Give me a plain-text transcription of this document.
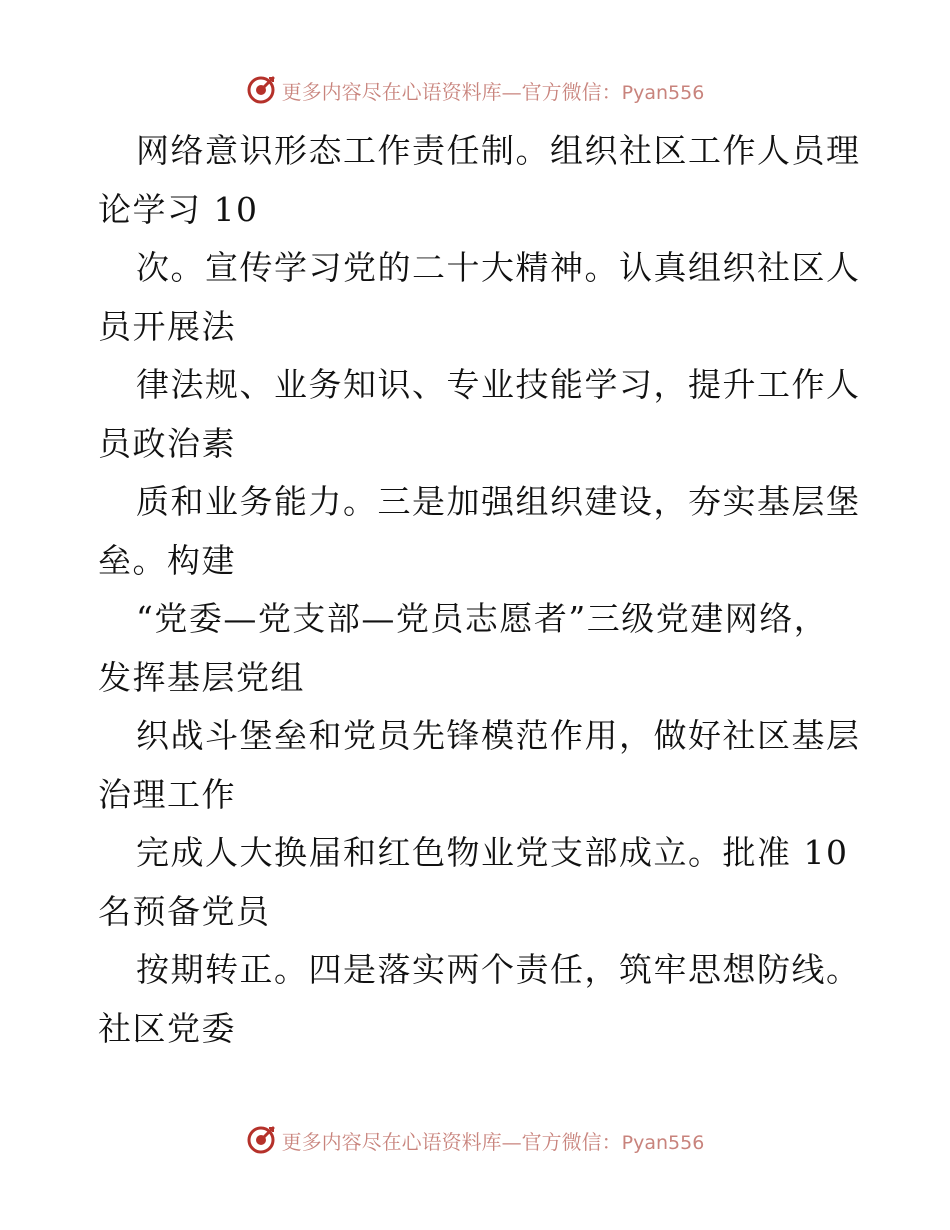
更多内容尽在心语资料库—官方微信：Pyan556
网络意识形态工作责任制。组织社区工作人员理
论学习 10
次。宣传学习党的二十大精神。认真组织社区人
员开展法
律法规、业务知识、专业技能学习，提升工作人
员政治素
质和业务能力。三是加强组织建设，夯实基层堡
垒。构建
“党委—党支部—党员志愿者”三级党建网络，
发挥基层党组
织战斗堡垒和党员先锋模范作用，做好社区基层
治理工作
完成人大换届和红色物业党支部成立。批准 10
名预备党员
按期转正。四是落实两个责任，筑牢思想防线。
社区党委
更多内容尽在心语资料库—官方微信：Pyan556
